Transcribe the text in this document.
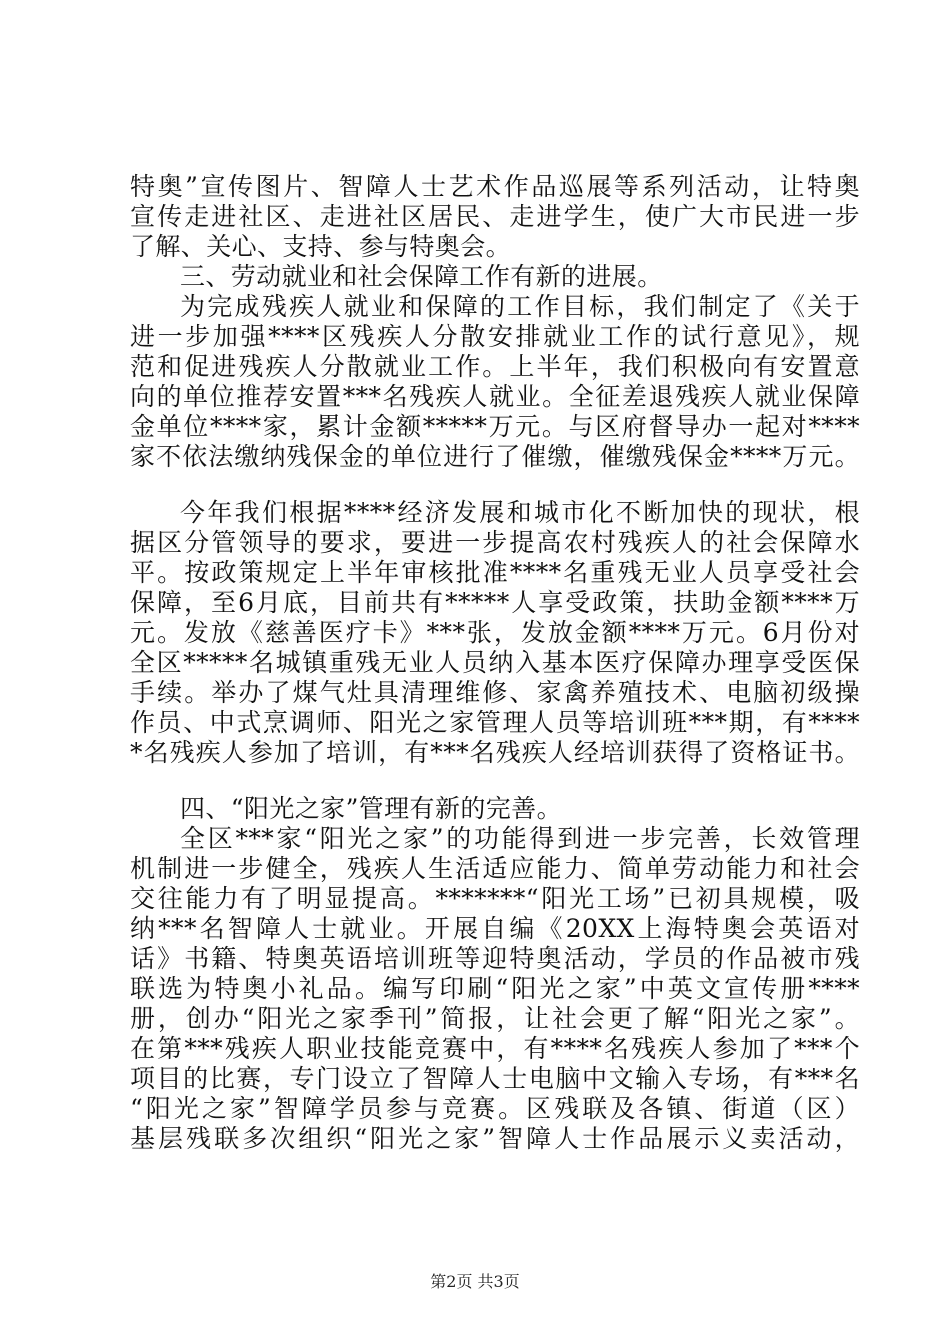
特奥”宣传图片、智障人士艺术作品巡展等系列活动，让特奥
宣传走进社区、走进社区居民、走进学生，使广大市民进一步
了解、关心、支持、参与特奥会。
三、劳动就业和社会保障工作有新的进展。
为完成残疾人就业和保障的工作目标，我们制定了《关于
进一步加强****区残疾人分散安排就业工作的试行意见》，规
范和促进残疾人分散就业工作。上半年，我们积极向有安置意
向的单位推荐安置***名残疾人就业。全征差退残疾人就业保障
金单位****家，累计金额*****万元。与区府督导办一起对****
家不依法缴纳残保金的单位进行了催缴，催缴残保金****万元。
今年我们根据****经济发展和城市化不断加快的现状，根
据区分管领导的要求，要进一步提高农村残疾人的社会保障水
平。按政策规定上半年审核批准****名重残无业人员享受社会
保障，至6月底，目前共有*****人享受政策，扶助金额****万
元。发放《慈善医疗卡》***张，发放金额****万元。6月份对
全区*****名城镇重残无业人员纳入基本医疗保障办理享受医保
手续。举办了煤气灶具清理维修、家禽养殖技术、电脑初级操
作员、中式烹调师、阳光之家管理人员等培训班***期，有****
*名残疾人参加了培训，有***名残疾人经培训获得了资格证书。
四、“阳光之家”管理有新的完善。
全区***家“阳光之家”的功能得到进一步完善，长效管理
机制进一步健全，残疾人生活适应能力、简单劳动能力和社会
交往能力有了明显提高。*******“阳光工场”已初具规模，吸
纳***名智障人士就业。开展自编《20XX上海特奥会英语对
话》书籍、特奥英语培训班等迎特奥活动，学员的作品被市残
联选为特奥小礼品。编写印刷“阳光之家”中英文宣传册****
册，创办“阳光之家季刊”简报，让社会更了解“阳光之家”。
在第***残疾人职业技能竞赛中，有****名残疾人参加了***个
项目的比赛，专门设立了智障人士电脑中文输入专场，有***名
“阳光之家”智障学员参与竞赛。区残联及各镇、街道（区）
基层残联多次组织“阳光之家”智障人士作品展示义卖活动，
第2页 共3页
